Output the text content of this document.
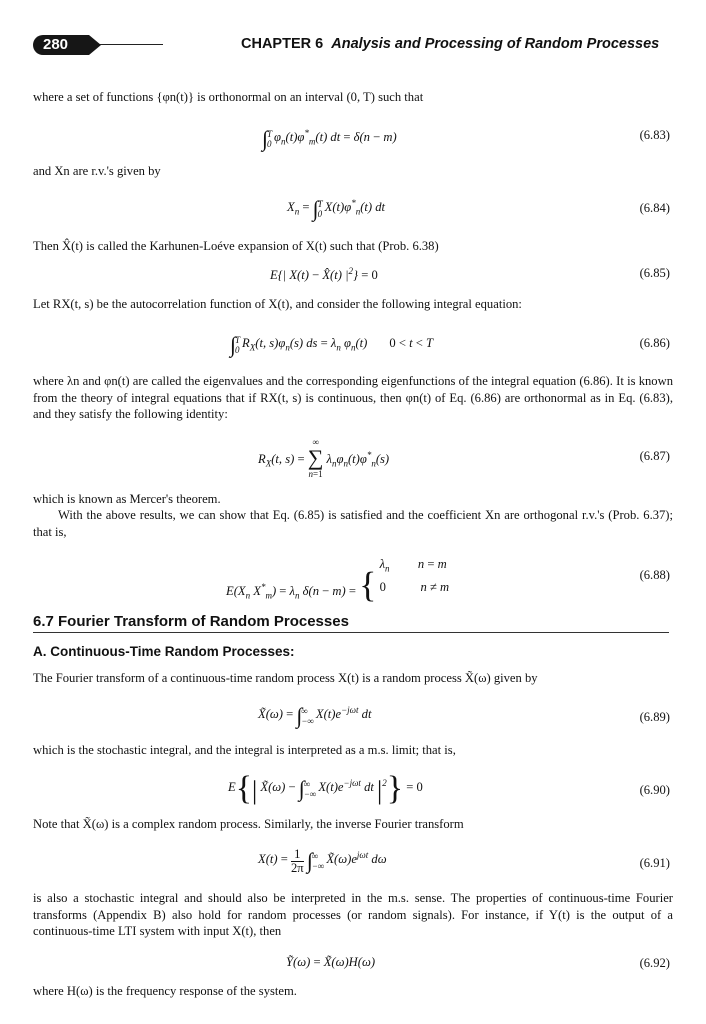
280	CHAPTER 6 Analysis and Processing of Random Processes

where a set of functions {φn(t)} is orthonormal on an interval (0, T) such that

∫T
0 $\varphi_n(t)\varphi^*_m(t)$ dt = δ(n − m)	(6.83)

and Xn are r.v.'s given by

$X_n = \int T$
0 $X(t)\varphi^*_n(t)$ dt	(6.84)

Then X̂(t) is called the Karhunen-Loéve expansion of X(t) such that (Prob. 6.38)

E{| X(t) − X̂(t) $|^2\} = 0$	(6.85)

Let RX(t, s) be the autocorrelation function of X(t), and consider the following integral equation:

∫T
0 $R_X(t$, $s)\varphi_n(s)$ ds = $\lambda_n$ $\varphi_n(t)$       0 < t < T	(6.86)

where λn and φn(t) are called the eigenvalues and the corresponding eigenfunctions of the integral equation (6.86). It is known from the theory of integral equations that if RX(t, s) is continuous, then φn(t) of Eq. (6.86) are orthonormal as in Eq. (6.83), and they satisfy the following identity:

$R_X(t$, s) =
∞
∑
n=1
$\lambda_n\varphi_n(t)\varphi^*_n(s)$	(6.87)

which is known as Mercer's theorem.

With the above results, we can show that Eq. (6.85) is satisfied and the coefficient Xn are orthogonal r.v.'s (Prob. 6.37); that is,

$E(X_n$ $X^*_m) = \lambda_n$ δ(n − m) = { $\lambda_n$         n = m
0           n ≠ m
(6.88)
6.7 Fourier Transform of Random Processes
A. Continuous-Time Random Processes:

The Fourier transform of a continuous-time random process X(t) is a random process X̃(ω) given by

X̃(ω) = ∫∞
−∞ $X(t)e^{-j\omega t}$ dt	(6.89)

which is the stochastic integral, and the integral is interpreted as a m.s. limit; that is,

E{| X̃(ω) − ∫∞
−∞ $X(t)e^{-j\omega t}$ dt $|^2\} = 0$	(6.90)

Note that X̃(ω) is a complex random process. Similarly, the inverse Fourier transform

$X(t) = \frac{1}{2\pi}$ ∫∞
−∞ $X̃(\omega)e^{j\omega t}$ dω	(6.91)

is also a stochastic integral and should also be interpreted in the m.s. sense. The properties of continuous-time Fourier transforms (Appendix B) also hold for random processes (or random signals). For instance, if Y(t) is the output of a continuous-time LTI system with input X(t), then

Ỹ(ω) = X̃(ω)H(ω)	(6.92)

where H(ω) is the frequency response of the system.
